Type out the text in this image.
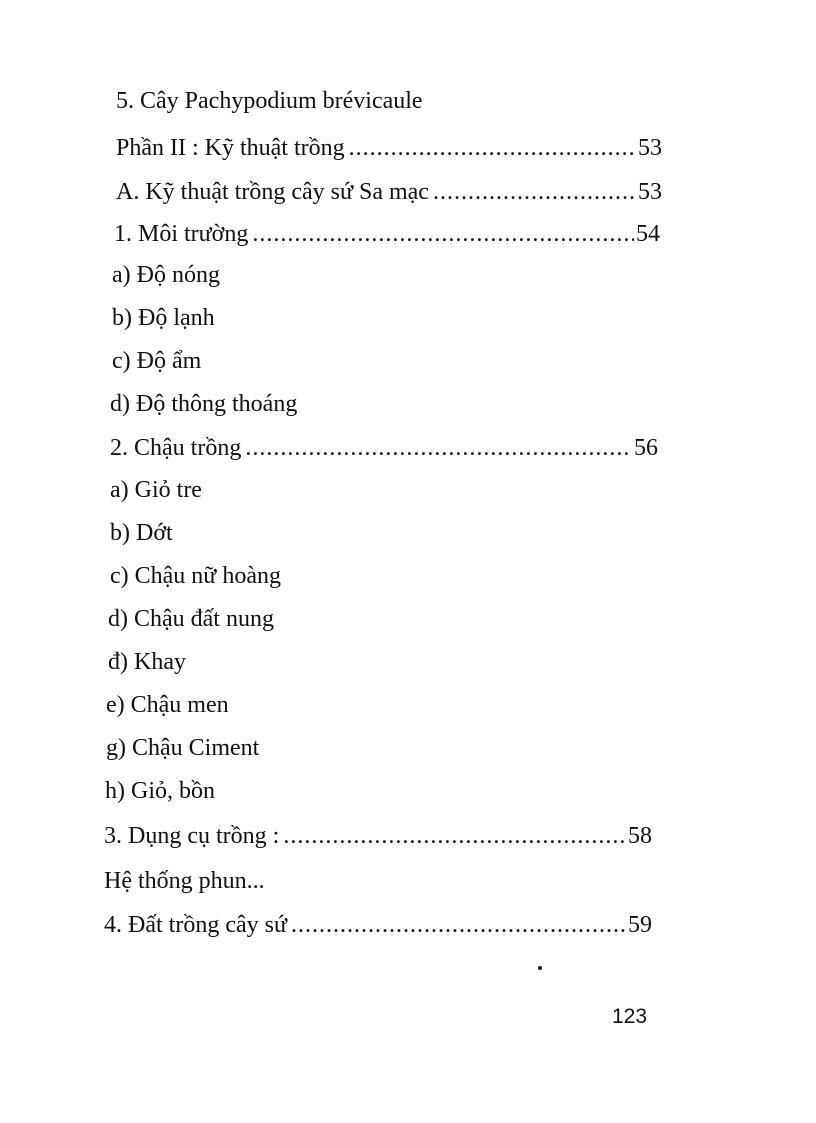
5. Cây Pachypodium brévicaule
Phần II : Kỹ thuật trồng .....	53
A. Kỹ thuật trồng cây sứ Sa mạc .....	53
1. Môi trường .....	54
a) Độ nóng
b) Độ lạnh
c) Độ ẩm
d) Độ thông thoáng
2. Chậu trồng .....	56
a) Giỏ tre
b) Dớt
c) Chậu nữ hoàng
d) Chậu đất nung
đ) Khay
e) Chậu men
g) Chậu Ciment
h) Giỏ, bồn
3. Dụng cụ trồng : .....	58
Hệ thống phun...
4. Đất trồng cây sứ .....	59
123
